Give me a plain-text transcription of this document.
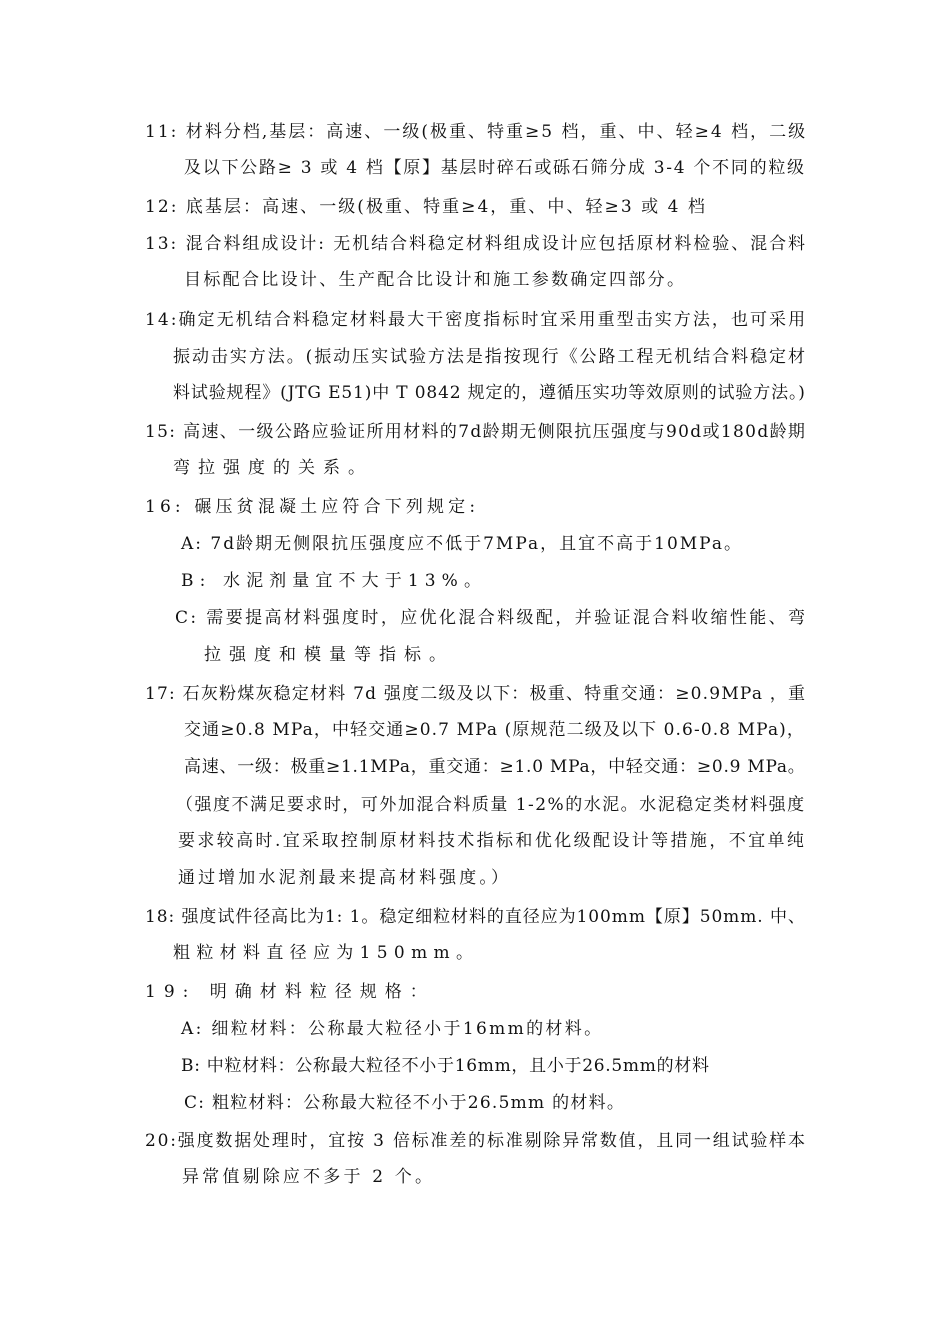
11: 材料分档,基层：高速、一级(极重、特重≥5 档，重、中、轻≥4 档，二级
及以下公路≥ 3 或 4 档【原】基层时碎石或砾石筛分成 3-4 个不同的粒级
12: 底基层：高速、一级(极重、特重≥4，重、中、轻≥3 或 4 档
13: 混合料组成设计: 无机结合料稳定材料组成设计应包括原材料检验、混合料
目标配合比设计、生产配合比设计和施工参数确定四部分。
14:确定无机结合料稳定材料最大干密度指标时宜采用重型击实方法，也可采用
振动击实方法。(振动压实试验方法是指按现行《公路工程无机结合料稳定材
料试验规程》(JTG E51)中 T 0842 规定的，遵循压实功等效原则的试验方法。)
15: 高速、一级公路应验证所用材料的7d龄期无侧限抗压强度与90d或180d龄期
弯拉强度的关系。
16: 碾压贫混凝土应符合下列规定:
A: 7d龄期无侧限抗压强度应不低于7MPa，且宜不高于10MPa。
B: 水泥剂量宜不大于13%。
C: 需要提高材料强度时，应优化混合料级配，并验证混合料收缩性能、弯
拉强度和模量等指标。
17: 石灰粉煤灰稳定材料 7d 强度二级及以下：极重、特重交通：≥0.9MPa ，重
交通≥0.8 MPa，中轻交通≥0.7 MPa (原规范二级及以下 0.6-0.8 MPa)，
高速、一级：极重≥1.1MPa，重交通：≥1.0 MPa，中轻交通：≥0.9 MPa。
（强度不满足要求时，可外加混合料质量 1-2%的水泥。水泥稳定类材料强度
要求较高时.宜采取控制原材料技术指标和优化级配设计等措施，不宜单纯
通过增加水泥剂最来提高材料强度。）
18: 强度试件径高比为1: 1。稳定细粒材料的直径应为100mm【原】50mm. 中、
粗粒材料直径应为150mm。
19: 明确材料粒径规格：
A: 细粒材料：公称最大粒径小于16mm的材料。
B: 中粒材料：公称最大粒径不小于16mm，且小于26.5mm的材料
C: 粗粒材料：公称最大粒径不小于26.5mm 的材料。
20:强度数据处理时，宜按 3 倍标准差的标准剔除异常数值，且同一组试验样本
异常值剔除应不多于 2 个。
